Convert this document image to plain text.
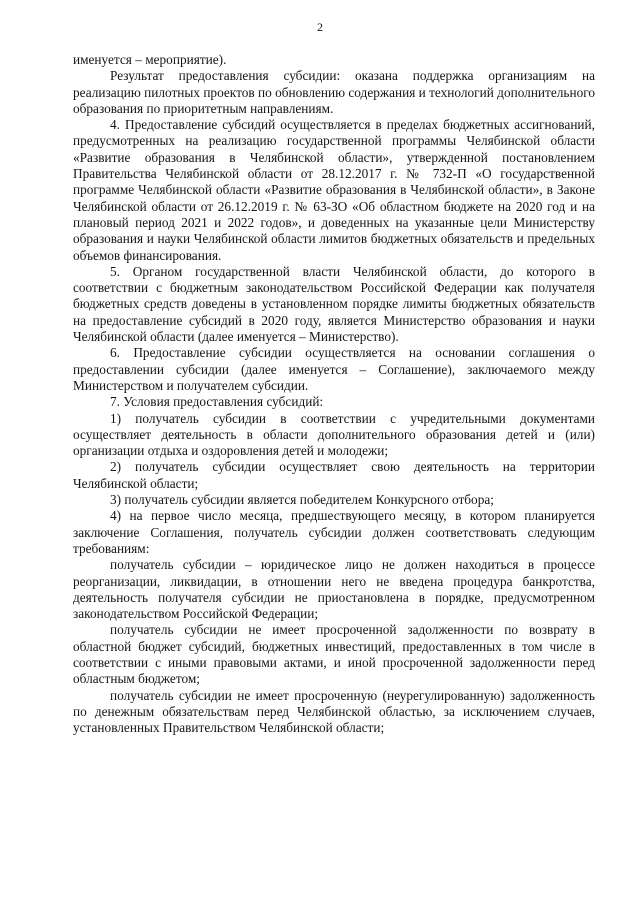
2

именуется – мероприятие).

Результат предоставления субсидии: оказана поддержка организациям на реализацию пилотных проектов по обновлению содержания и технологий дополнительного образования по приоритетным направлениям.

4. Предоставление субсидий осуществляется в пределах бюджетных ассигнований, предусмотренных на реализацию государственной программы Челябинской области «Развитие образования в Челябинской области», утвержденной постановлением Правительства Челябинской области от 28.12.2017 г. № 732-П «О государственной программе Челябинской области «Развитие образования в Челябинской области», в Законе Челябинской области от 26.12.2019 г. № 63-ЗО «Об областном бюджете на 2020 год и на плановый период 2021 и 2022 годов», и доведенных на указанные цели Министерству образования и науки Челябинской области лимитов бюджетных обязательств и предельных объемов финансирования.

5. Органом государственной власти Челябинской области, до которого в соответствии с бюджетным законодательством Российской Федерации как получателя бюджетных средств доведены в установленном порядке лимиты бюджетных обязательств на предоставление субсидий в 2020 году, является Министерство образования и науки Челябинской области (далее именуется – Министерство).

6. Предоставление субсидии осуществляется на основании соглашения о предоставлении субсидии (далее именуется – Соглашение), заключаемого между Министерством и получателем субсидии.

7. Условия предоставления субсидий:

1) получатель субсидии в соответствии с учредительными документами осуществляет деятельность в области дополнительного образования детей и (или) организации отдыха и оздоровления детей и молодежи;

2) получатель субсидии осуществляет свою деятельность на территории Челябинской области;

3) получатель субсидии является победителем Конкурсного отбора;

4) на первое число месяца, предшествующего месяцу, в котором планируется заключение Соглашения, получатель субсидии должен соответствовать следующим требованиям:

получатель субсидии – юридическое лицо не должен находиться в процессе реорганизации, ликвидации, в отношении него не введена процедура банкротства, деятельность получателя субсидии не приостановлена в порядке, предусмотренном законодательством Российской Федерации;

получатель субсидии не имеет просроченной задолженности по возврату в областной бюджет субсидий, бюджетных инвестиций, предоставленных в том числе в соответствии с иными правовыми актами, и иной просроченной задолженности перед областным бюджетом;

получатель субсидии не имеет просроченную (неурегулированную) задолженность по денежным обязательствам перед Челябинской областью, за исключением случаев, установленных Правительством Челябинской области;
